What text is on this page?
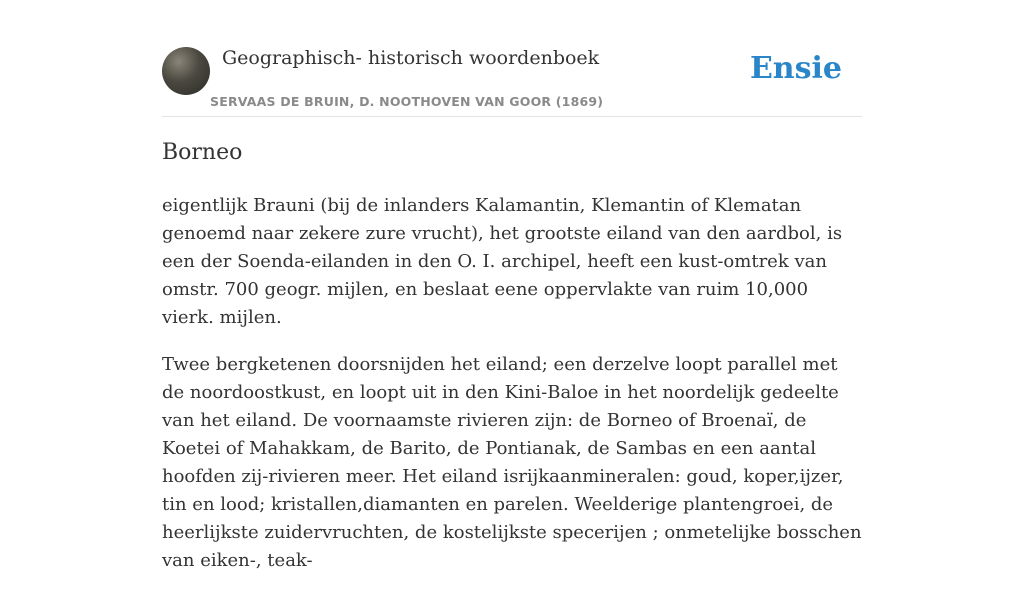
Geographisch- historisch woordenboek
SERVAAS DE BRUIN, D. NOOTHOVEN VAN GOOR (1869)
Ensie
Borneo

eigentlijk Brauni (bij de inlanders Kalamantin, Klemantin of Klematan genoemd naar zekere zure vrucht), het grootste eiland van den aardbol, is een der Soenda-eilanden in den O. I. archipel, heeft een kust-omtrek van omstr. 700 geogr. mijlen, en beslaat eene oppervlakte van ruim 10,000 vierk. mijlen.

Twee bergketenen doorsnijden het eiland; een derzelve loopt parallel met de noordoostkust, en loopt uit in den Kini-Baloe in het noordelijk gedeelte van het eiland. De voornaamste rivieren zijn: de Borneo of Broenaï, de Koetei of Mahakkam, de Barito, de Pontianak, de Sambas en een aantal hoofden zij-rivieren meer. Het eiland isrijkaanmineralen: goud, koper,ijzer, tin en lood; kristallen,diamanten en parelen. Weelderige plantengroei, de heerlijkste zuidervruchten, de kostelijkste specerijen ; onmetelijke bosschen van eiken-, teak-
